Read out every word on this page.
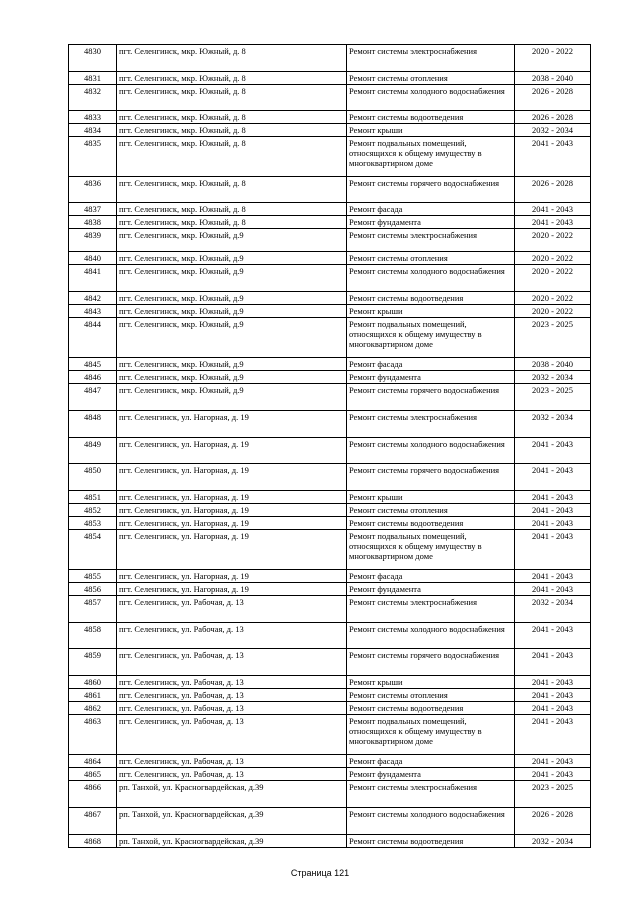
4830	пгт. Селенгинск, мкр. Южный, д. 8	Ремонт системы электроснабжения	2020 - 2022
4831	пгт. Селенгинск, мкр. Южный, д. 8	Ремонт системы отопления	2038 - 2040
4832	пгт. Селенгинск, мкр. Южный, д. 8	Ремонт системы холодного водоснабжения	2026 - 2028
4833	пгт. Селенгинск, мкр. Южный, д. 8	Ремонт системы водоотведения	2026 - 2028
4834	пгт. Селенгинск, мкр. Южный, д. 8	Ремонт крыши	2032 - 2034
4835	пгт. Селенгинск, мкр. Южный, д. 8	Ремонт подвальных помещений, относящихся к общему имуществу в многоквартирном доме	2041 - 2043
4836	пгт. Селенгинск, мкр. Южный, д. 8	Ремонт системы горячего водоснабжения	2026 - 2028
4837	пгт. Селенгинск, мкр. Южный, д. 8	Ремонт фасада	2041 - 2043
4838	пгт. Селенгинск, мкр. Южный, д. 8	Ремонт фундамента	2041 - 2043
4839	пгт. Селенгинск, мкр. Южный, д.9	Ремонт системы электроснабжения	2020 - 2022
4840	пгт. Селенгинск, мкр. Южный, д.9	Ремонт системы отопления	2020 - 2022
4841	пгт. Селенгинск, мкр. Южный, д.9	Ремонт системы холодного водоснабжения	2020 - 2022
4842	пгт. Селенгинск, мкр. Южный, д.9	Ремонт системы водоотведения	2020 - 2022
4843	пгт. Селенгинск, мкр. Южный, д.9	Ремонт крыши	2020 - 2022
4844	пгт. Селенгинск, мкр. Южный, д.9	Ремонт подвальных помещений, относящихся к общему имуществу в многоквартирном доме	2023 - 2025
4845	пгт. Селенгинск, мкр. Южный, д.9	Ремонт фасада	2038 - 2040
4846	пгт. Селенгинск, мкр. Южный, д.9	Ремонт фундамента	2032 - 2034
4847	пгт. Селенгинск, мкр. Южный, д.9	Ремонт системы горячего водоснабжения	2023 - 2025
4848	пгт. Селенгинск, ул. Нагорная, д. 19	Ремонт системы электроснабжения	2032 - 2034
4849	пгт. Селенгинск, ул. Нагорная, д. 19	Ремонт системы холодного водоснабжения	2041 - 2043
4850	пгт. Селенгинск, ул. Нагорная, д. 19	Ремонт системы горячего водоснабжения	2041 - 2043
4851	пгт. Селенгинск, ул. Нагорная, д. 19	Ремонт крыши	2041 - 2043
4852	пгт. Селенгинск, ул. Нагорная, д. 19	Ремонт системы отопления	2041 - 2043
4853	пгт. Селенгинск, ул. Нагорная, д. 19	Ремонт системы водоотведения	2041 - 2043
4854	пгт. Селенгинск, ул. Нагорная, д. 19	Ремонт подвальных помещений, относящихся к общему имуществу в многоквартирном доме	2041 - 2043
4855	пгт. Селенгинск, ул. Нагорная, д. 19	Ремонт фасада	2041 - 2043
4856	пгт. Селенгинск, ул. Нагорная, д. 19	Ремонт фундамента	2041 - 2043
4857	пгт. Селенгинск, ул. Рабочая, д. 13	Ремонт системы электроснабжения	2032 - 2034
4858	пгт. Селенгинск, ул. Рабочая, д. 13	Ремонт системы холодного водоснабжения	2041 - 2043
4859	пгт. Селенгинск, ул. Рабочая, д. 13	Ремонт системы горячего водоснабжения	2041 - 2043
4860	пгт. Селенгинск, ул. Рабочая, д. 13	Ремонт крыши	2041 - 2043
4861	пгт. Селенгинск, ул. Рабочая, д. 13	Ремонт системы отопления	2041 - 2043
4862	пгт. Селенгинск, ул. Рабочая, д. 13	Ремонт системы водоотведения	2041 - 2043
4863	пгт. Селенгинск, ул. Рабочая, д. 13	Ремонт подвальных помещений, относящихся к общему имуществу в многоквартирном доме	2041 - 2043
4864	пгт. Селенгинск, ул. Рабочая, д. 13	Ремонт фасада	2041 - 2043
4865	пгт. Селенгинск, ул. Рабочая, д. 13	Ремонт фундамента	2041 - 2043
4866	рп. Танхой, ул. Красногвардейская, д.39	Ремонт системы электроснабжения	2023 - 2025
4867	рп. Танхой, ул. Красногвардейская, д.39	Ремонт системы холодного водоснабжения	2026 - 2028
4868	рп. Танхой, ул. Красногвардейская, д.39	Ремонт системы водоотведения	2032 - 2034
Страница 121
